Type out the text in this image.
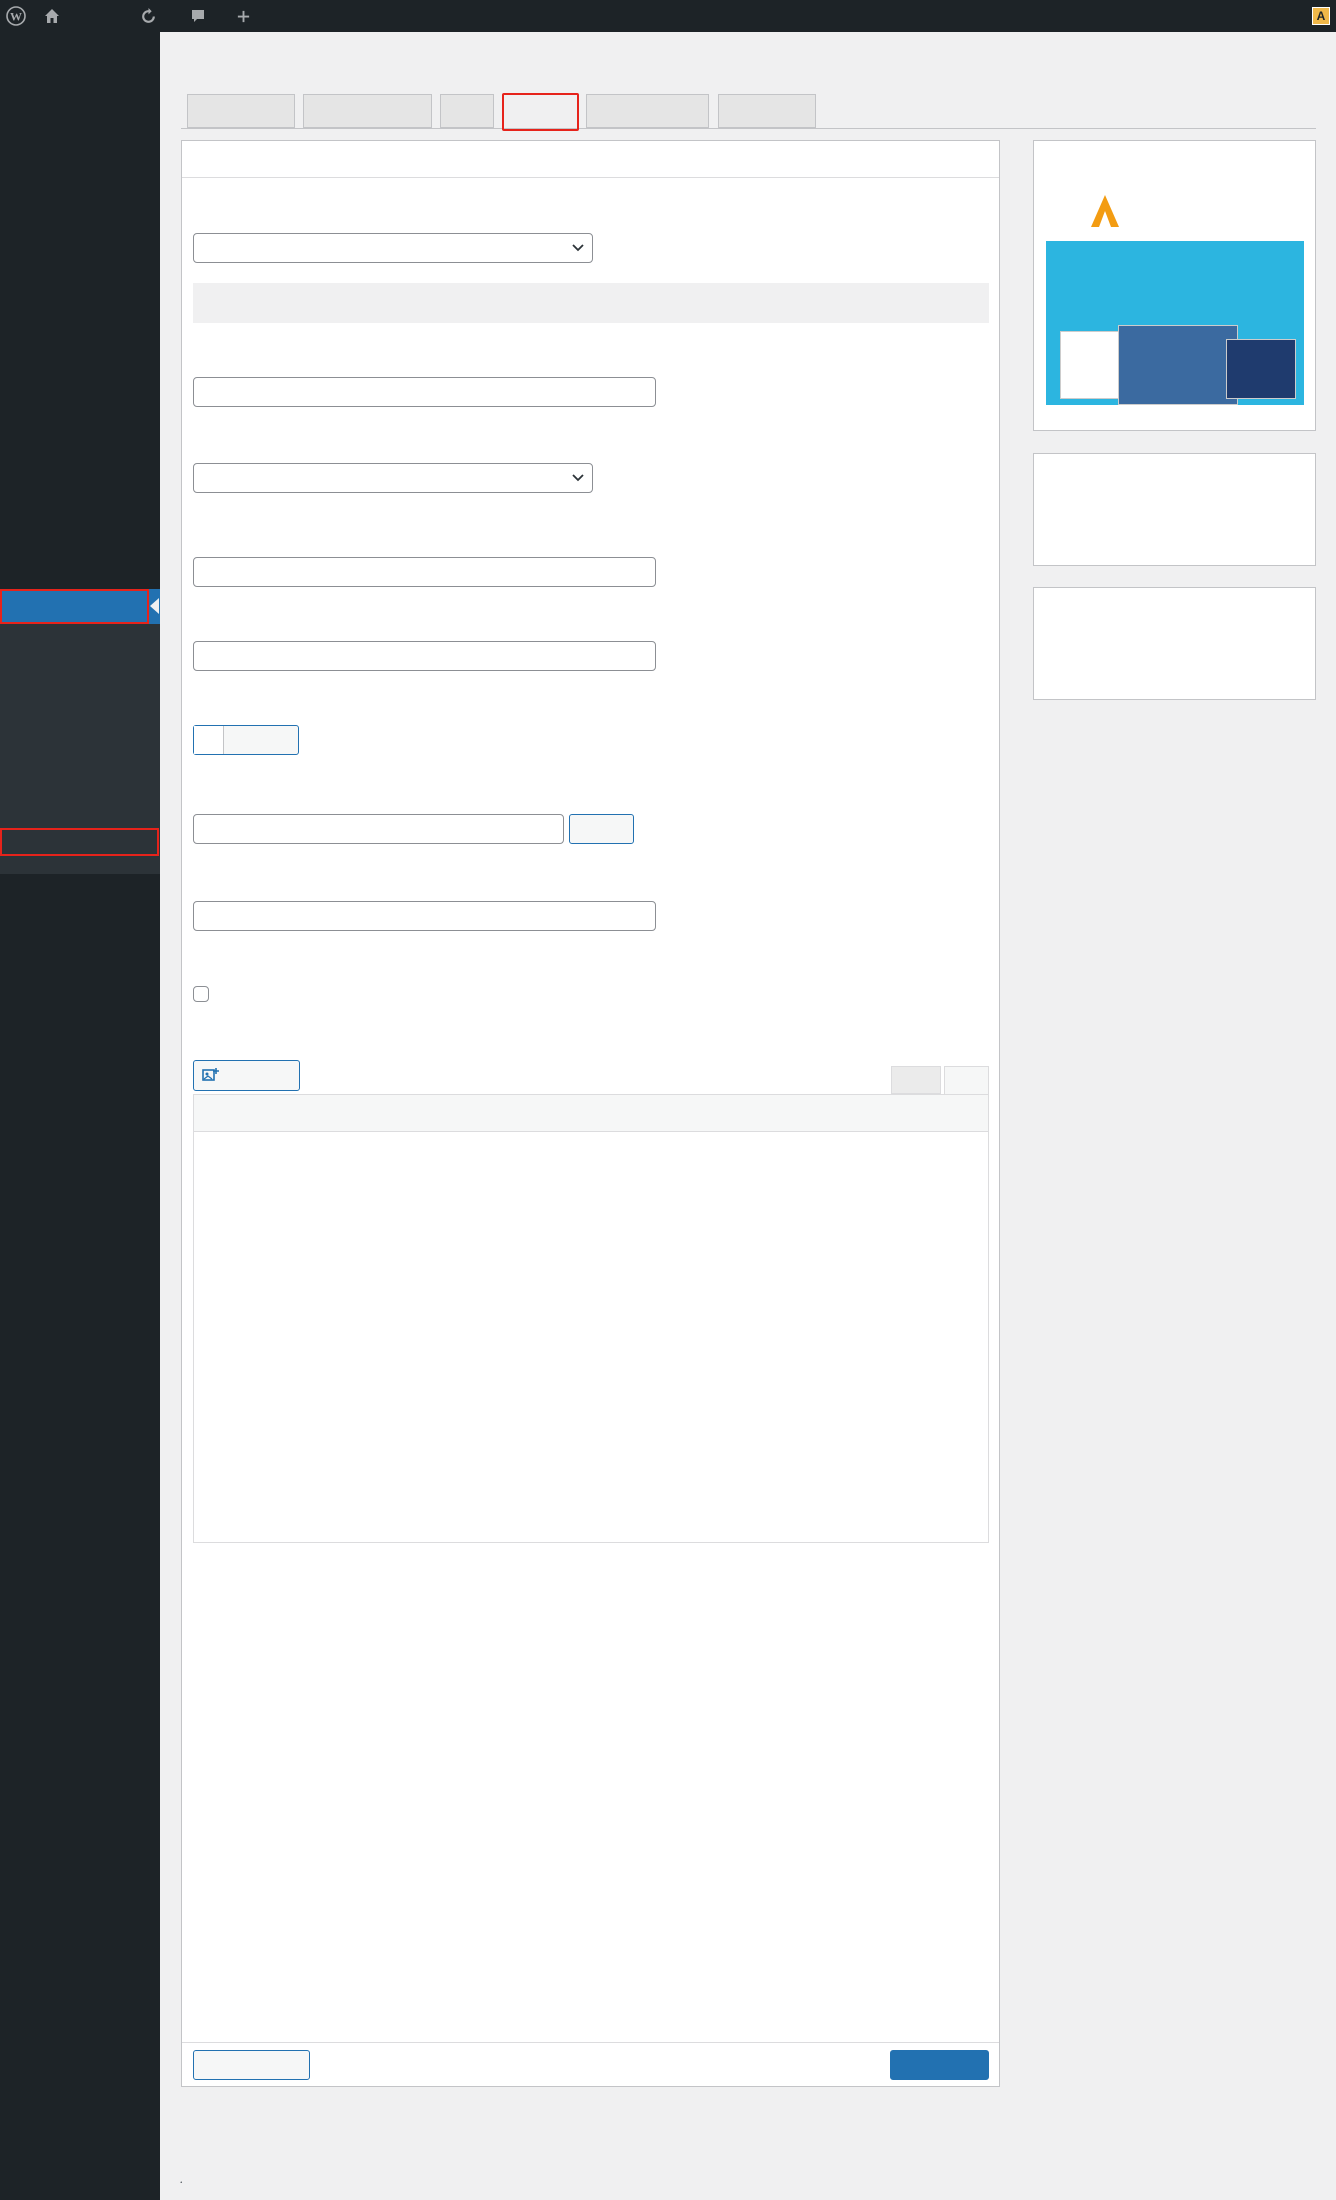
W	A
.
